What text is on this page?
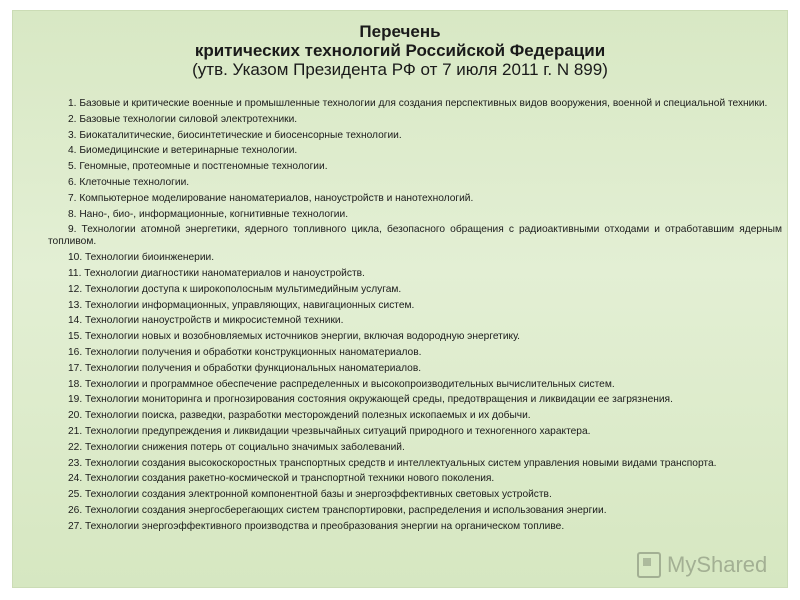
Перечень
критических технологий Российской Федерации
(утв. Указом Президента РФ от 7 июля 2011 г. N 899)
1. Базовые и критические военные и промышленные технологии для создания перспективных видов вооружения, военной и специальной техники.
2. Базовые технологии силовой электротехники.
3. Биокаталитические, биосинтетические и биосенсорные технологии.
4. Биомедицинские и ветеринарные технологии.
5. Геномные, протеомные и постгеномные технологии.
6. Клеточные технологии.
7. Компьютерное моделирование наноматериалов, наноустройств и нанотехнологий.
8. Нано-, био-, информационные, когнитивные технологии.
9. Технологии атомной энергетики, ядерного топливного цикла, безопасного обращения с радиоактивными отходами и отработавшим ядерным топливом.
10. Технологии биоинженерии.
11. Технологии диагностики наноматериалов и наноустройств.
12. Технологии доступа к широкополосным мультимедийным услугам.
13. Технологии информационных, управляющих, навигационных систем.
14. Технологии наноустройств и микросистемной техники.
15. Технологии новых и возобновляемых источников энергии, включая водородную энергетику.
16. Технологии получения и обработки конструкционных наноматериалов.
17. Технологии получения и обработки функциональных наноматериалов.
18. Технологии и программное обеспечение распределенных и высокопроизводительных вычислительных систем.
19. Технологии мониторинга и прогнозирования состояния окружающей среды, предотвращения и ликвидации ее загрязнения.
20. Технологии поиска, разведки, разработки месторождений полезных ископаемых и их добычи.
21. Технологии предупреждения и ликвидации чрезвычайных ситуаций природного и техногенного характера.
22. Технологии снижения потерь от социально значимых заболеваний.
23. Технологии создания высокоскоростных транспортных средств и интеллектуальных систем управления новыми видами транспорта.
24. Технологии создания ракетно-космической и транспортной техники нового поколения.
25. Технологии создания электронной компонентной базы и энергоэффективных световых устройств.
26. Технологии создания энергосберегающих систем транспортировки, распределения и использования энергии.
27. Технологии энергоэффективного производства и преобразования энергии на органическом топливе.
MyShared
